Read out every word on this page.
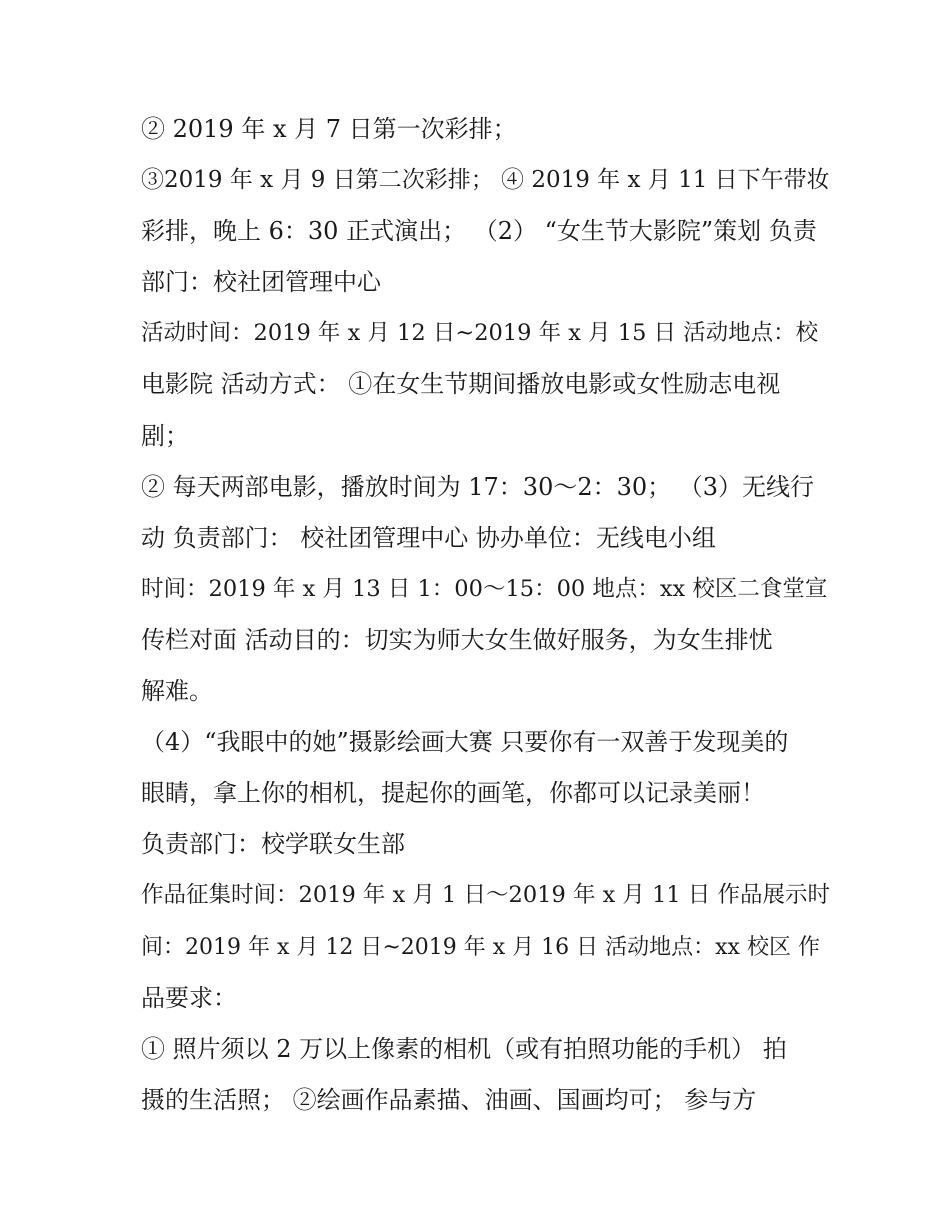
② 2019 年 x 月 7 日第一次彩排；
③2019 年 x 月 9 日第二次彩排； ④ 2019 年 x 月 11 日下午带妆
彩排，晚上 6：30 正式演出； （2） “女生节大影院”策划 负责
部门：校社团管理中心
活动时间：2019 年 x 月 12 日~2019 年 x 月 15 日 活动地点：校
电影院 活动方式： ①在女生节期间播放电影或女性励志电视
剧；
② 每天两部电影，播放时间为 17：30～2：30； （3）无线行
动 负责部门： 校社团管理中心 协办单位：无线电小组
时间：2019 年 x 月 13 日 1：00～15：00 地点：xx 校区二食堂宣
传栏对面 活动目的：切实为师大女生做好服务，为女生排忧
解难。
（4）“我眼中的她”摄影绘画大赛 只要你有一双善于发现美的
眼睛，拿上你的相机，提起你的画笔，你都可以记录美丽！
负责部门：校学联女生部
作品征集时间：2019 年 x 月 1 日～2019 年 x 月 11 日 作品展示时
间：2019 年 x 月 12 日~2019 年 x 月 16 日 活动地点：xx 校区 作
品要求：
① 照片须以 2 万以上像素的相机（或有拍照功能的手机） 拍
摄的生活照； ②绘画作品素描、油画、国画均可； 参与方
